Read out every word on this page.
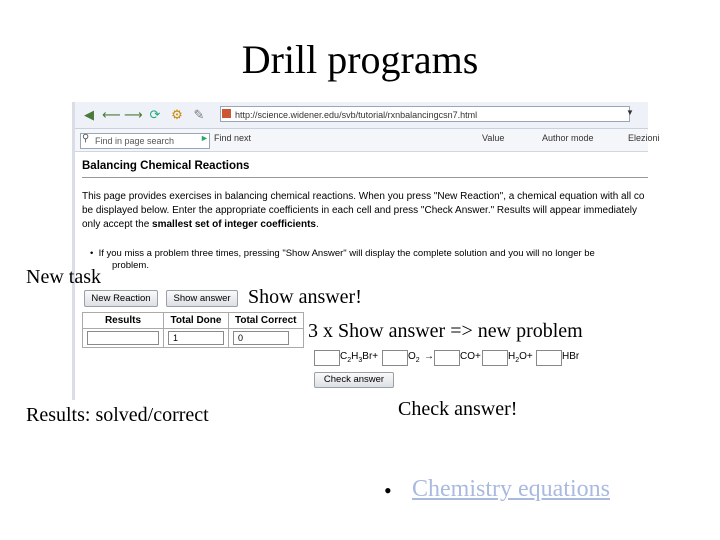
Drill programs
◀ ⟵ ⟶ ⟳ ⚙ ✎	http://science.widener.edu/svb/tutorial/rxnbalancingcsn7.html	▼
Find in page search
⚲	► Find next	Value	Author mode	Elezioni
Balancing Chemical Reactions
This page provides exercises in balancing chemical reactions. When you press "New Reaction", a chemical equation with all co
be displayed below. Enter the appropriate coefficients in each cell and press "Check Answer." Results will appear immediately
only accept the smallest set of integer coefficients.
•  If you miss a problem three times, pressing "Show Answer" will display the complete solution and you will no longer be
problem.
New Reaction	Show answer
Results	Total Done	Total Correct

	1	0
$C_2H_3Br+$	$O_2$ →	CO+	$H_2O+$	HBr
Check answer
New task
Show answer!
3 x Show answer => new problem
Results: solved/correct	Check answer!
• Chemistry equations
